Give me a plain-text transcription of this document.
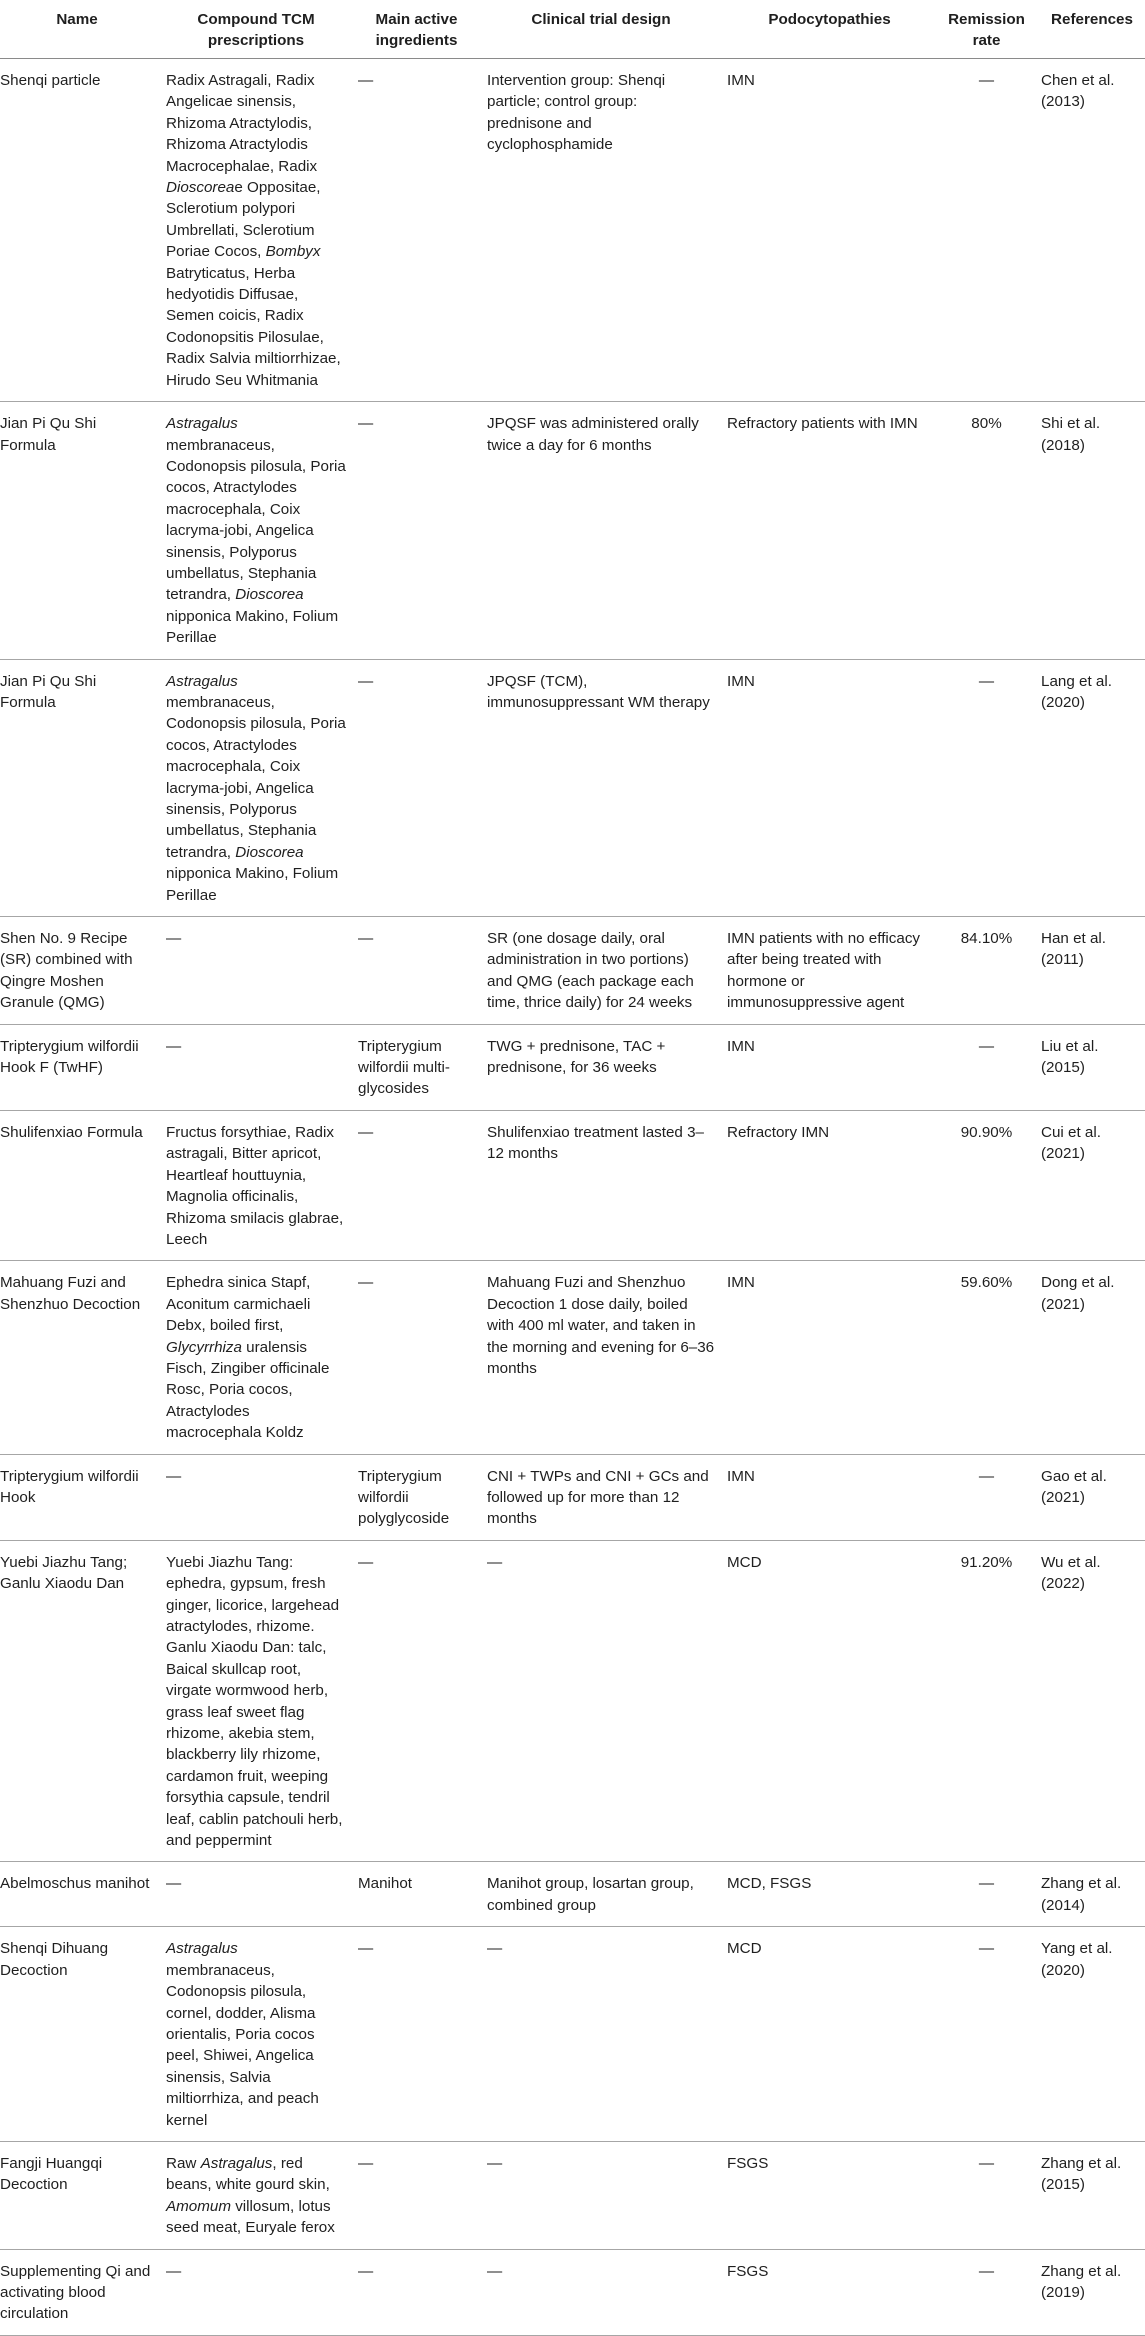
Name	Compound TCM prescriptions	Main active ingredients	Clinical trial design	Podocytopathies	Remission rate	References
Shenqi particle	Radix Astragali, Radix Angelicae sinensis, Rhizoma Atractylodis, Rhizoma Atractylodis Macrocephalae, Radix Dioscoreae Oppositae, Sclerotium polypori Umbrellati, Sclerotium Poriae Cocos, Bombyx Batryticatus, Herba hedyotidis Diffusae, Semen coicis, Radix Codonopsitis Pilosulae, Radix Salvia miltiorrhizae, Hirudo Seu Whitmania	—	Intervention group: Shenqi particle; control group: prednisone and cyclophosphamide	IMN	—	Chen et al. (2013)
Jian Pi Qu Shi Formula	Astragalus membranaceus, Codonopsis pilosula, Poria cocos, Atractylodes macrocephala, Coix lacryma-jobi, Angelica sinensis, Polyporus umbellatus, Stephania tetrandra, Dioscorea nipponica Makino, Folium Perillae	—	JPQSF was administered orally twice a day for 6 months	Refractory patients with IMN	80%	Shi et al. (2018)
Jian Pi Qu Shi Formula	Astragalus membranaceus, Codonopsis pilosula, Poria cocos, Atractylodes macrocephala, Coix lacryma-jobi, Angelica sinensis, Polyporus umbellatus, Stephania tetrandra, Dioscorea nipponica Makino, Folium Perillae	—	JPQSF (TCM), immunosuppressant WM therapy	IMN	—	Lang et al. (2020)
Shen No. 9 Recipe (SR) combined with Qingre Moshen Granule (QMG)	—	—	SR (one dosage daily, oral administration in two portions) and QMG (each package each time, thrice daily) for 24 weeks	IMN patients with no efficacy after being treated with hormone or immunosuppressive agent	84.10%	Han et al. (2011)
Tripterygium wilfordii Hook F (TwHF)	—	Tripterygium wilfordii multi-glycosides	TWG + prednisone, TAC + prednisone, for 36 weeks	IMN	—	Liu et al. (2015)
Shulifenxiao Formula	Fructus forsythiae, Radix astragali, Bitter apricot, Heartleaf houttuynia, Magnolia officinalis, Rhizoma smilacis glabrae, Leech	—	Shulifenxiao treatment lasted 3–12 months	Refractory IMN	90.90%	Cui et al. (2021)
Mahuang Fuzi and Shenzhuo Decoction	Ephedra sinica Stapf, Aconitum carmichaeli Debx, boiled first, Glycyrrhiza uralensis Fisch, Zingiber officinale Rosc, Poria cocos, Atractylodes macrocephala Koldz	—	Mahuang Fuzi and Shenzhuo Decoction 1 dose daily, boiled with 400 ml water, and taken in the morning and evening for 6–36 months	IMN	59.60%	Dong et al. (2021)
Tripterygium wilfordii Hook	—	Tripterygium wilfordii polyglycoside	CNI + TWPs and CNI + GCs and followed up for more than 12 months	IMN	—	Gao et al. (2021)
Yuebi Jiazhu Tang; Ganlu Xiaodu Dan	Yuebi Jiazhu Tang: ephedra, gypsum, fresh ginger, licorice, largehead atractylodes, rhizome. Ganlu Xiaodu Dan: talc, Baical skullcap root, virgate wormwood herb, grass leaf sweet flag rhizome, akebia stem, blackberry lily rhizome, cardamon fruit, weeping forsythia capsule, tendril leaf, cablin patchouli herb, and peppermint	—	—	MCD	91.20%	Wu et al. (2022)
Abelmoschus manihot	—	Manihot	Manihot group, losartan group, combined group	MCD, FSGS	—	Zhang et al. (2014)
Shenqi Dihuang Decoction	Astragalus membranaceus, Codonopsis pilosula, cornel, dodder, Alisma orientalis, Poria cocos peel, Shiwei, Angelica sinensis, Salvia miltiorrhiza, and peach kernel	—	—	MCD	—	Yang et al. (2020)
Fangji Huangqi Decoction	Raw Astragalus, red beans, white gourd skin, Amomum villosum, lotus seed meat, Euryale ferox	—	—	FSGS	—	Zhang et al. (2015)
Supplementing Qi and activating blood circulation	—	—	—	FSGS	—	Zhang et al. (2019)
